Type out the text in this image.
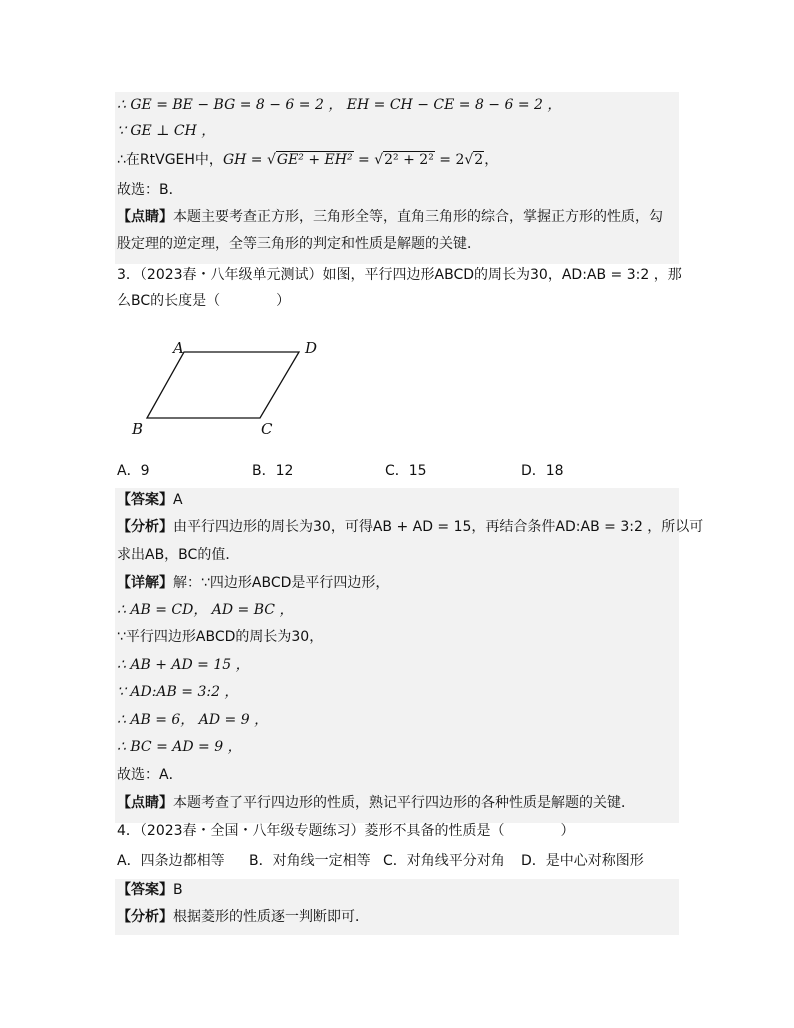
∴ GE = BE − BG = 8 − 6 = 2 ， EH = CH − CE = 8 − 6 = 2 ，
∵ GE ⊥ CH ，
∴在RtVGEH中，GH = √GE² + EH² = √2² + 2² = 2√2，
故选：B．
【点睛】本题主要考查正方形，三角形全等，直角三角形的综合，掌握正方形的性质，勾
股定理的逆定理，全等三角形的判定和性质是解题的关键．
3．（2023春・八年级单元测试）如图，平行四边形ABCD的周长为30，AD:AB = 3:2 ，那
么BC的长度是（　　　　）
A	D
B	C
A．9	B．12	C．15	D．18
【答案】A
【分析】由平行四边形的周长为30，可得AB + AD = 15，再结合条件AD:AB = 3:2 ，所以可
求出AB，BC的值．
【详解】解：∵四边形ABCD是平行四边形，
∴ AB = CD， AD = BC ，
∵平行四边形ABCD的周长为30，
∴ AB + AD = 15 ，
∵ AD:AB = 3:2 ，
∴ AB = 6， AD = 9 ，
∴ BC = AD = 9 ，
故选：A．
【点睛】本题考查了平行四边形的性质，熟记平行四边形的各种性质是解题的关键．
4．（2023春・全国・八年级专题练习）菱形不具备的性质是（　　　　）
A．四条边都相等 B．对角线一定相等 C．对角线平分对角 D．是中心对称图形
【答案】B
【分析】根据菱形的性质逐一判断即可．
